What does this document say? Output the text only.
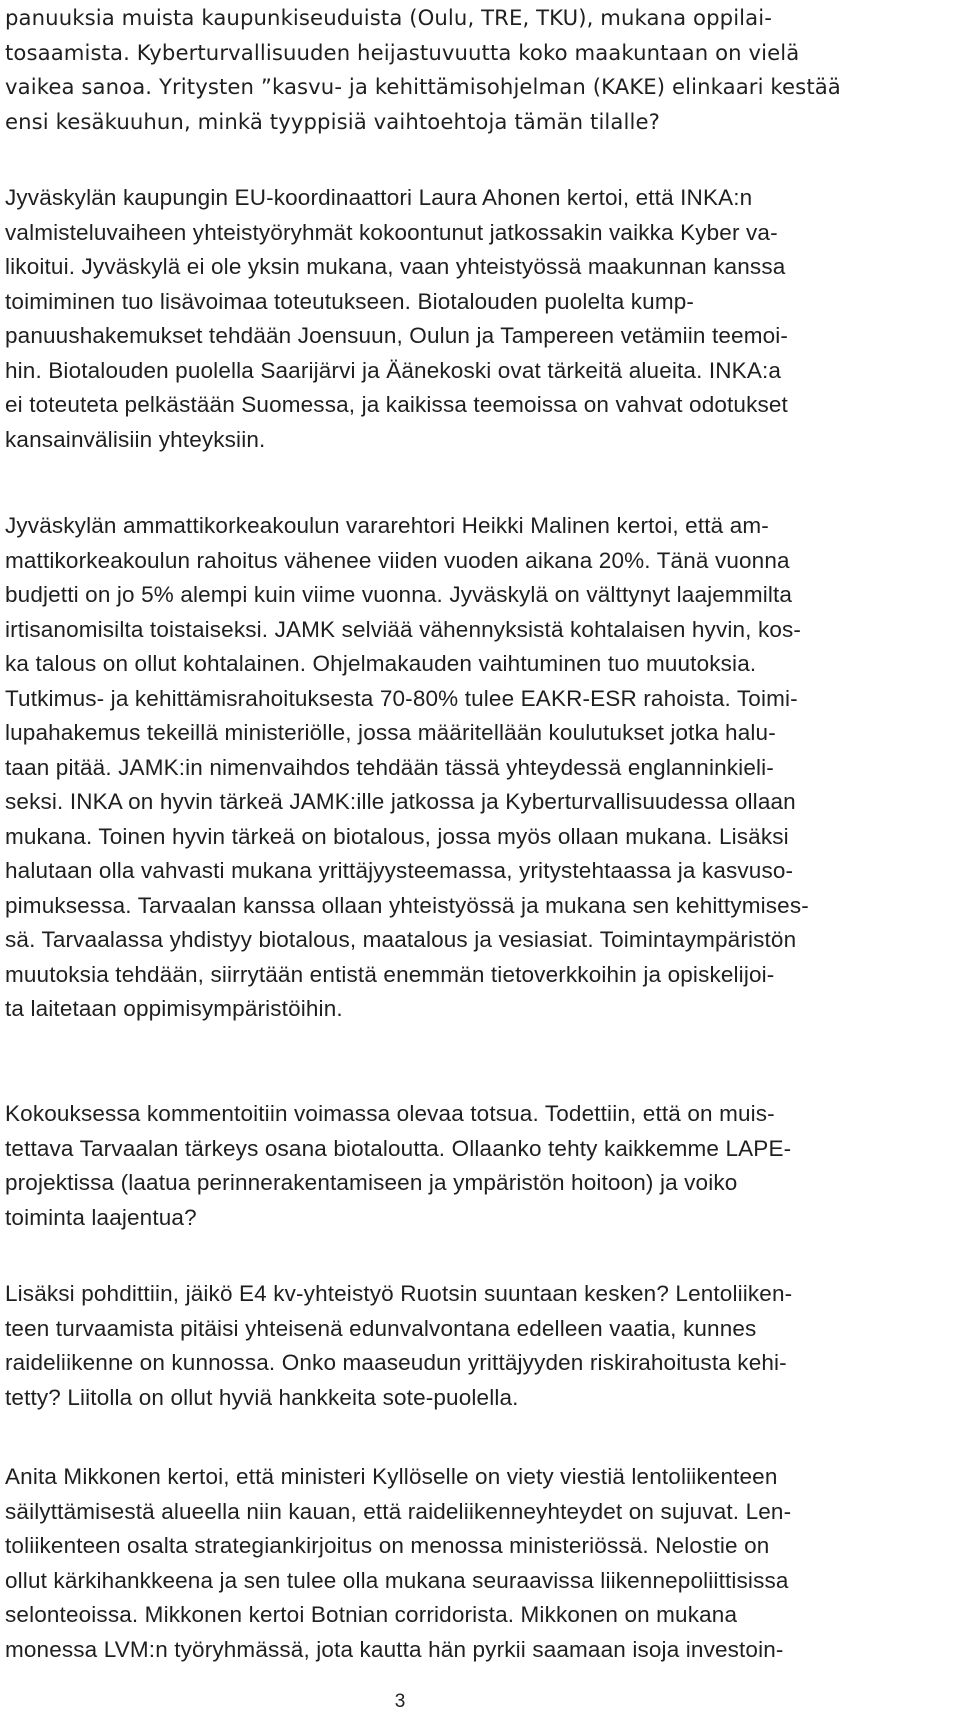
panuuksia muista kaupunkiseuduista (Oulu, TRE, TKU), mukana oppilai-
tosaamista. Kyberturvallisuuden heijastuvuutta koko maakuntaan on vielä
vaikea sanoa. Yritysten ”kasvu- ja kehittämisohjelman (KAKE) elinkaari kestää
ensi kesäkuuhun, minkä tyyppisiä vaihtoehtoja tämän tilalle?
Jyväskylän kaupungin EU-koordinaattori Laura Ahonen kertoi, että INKA:n
valmisteluvaiheen yhteistyöryhmät kokoontunut jatkossakin vaikka Kyber va-
likoitui. Jyväskylä ei ole yksin mukana, vaan yhteistyössä maakunnan kanssa
toimiminen tuo lisävoimaa toteutukseen. Biotalouden puolelta kump-
panuushakemukset tehdään Joensuun, Oulun ja Tampereen vetämiin teemoi-
hin. Biotalouden puolella Saarijärvi ja Äänekoski ovat tärkeitä alueita. INKA:a
ei toteuteta pelkästään Suomessa, ja kaikissa teemoissa on vahvat odotukset
kansainvälisiin yhteyksiin.
Jyväskylän ammattikorkeakoulun vararehtori Heikki Malinen kertoi, että am-
mattikorkeakoulun rahoitus vähenee viiden vuoden aikana 20%. Tänä vuonna
budjetti on jo 5% alempi kuin viime vuonna. Jyväskylä on välttynyt laajemmilta
irtisanomisilta toistaiseksi. JAMK selviää vähennyksistä kohtalaisen hyvin, kos-
ka talous on ollut kohtalainen. Ohjelmakauden vaihtuminen tuo muutoksia.
Tutkimus- ja kehittämisrahoituksesta 70-80% tulee EAKR-ESR rahoista. Toimi-
lupahakemus tekeillä ministeriölle, jossa määritellään koulutukset jotka halu-
taan pitää. JAMK:in nimenvaihdos tehdään tässä yhteydessä englanninkieli-
seksi. INKA on hyvin tärkeä JAMK:ille jatkossa ja Kyberturvallisuudessa ollaan
mukana. Toinen hyvin tärkeä on biotalous, jossa myös ollaan mukana. Lisäksi
halutaan olla vahvasti mukana yrittäjyysteemassa, yritystehtaassa ja kasvuso-
pimuksessa. Tarvaalan kanssa ollaan yhteistyössä ja mukana sen kehittymises-
sä. Tarvaalassa yhdistyy biotalous, maatalous ja vesiasiat. Toimintaympäristön
muutoksia tehdään, siirrytään entistä enemmän tietoverkkoihin ja opiskelijoi-
ta laitetaan oppimisympäristöihin.
Kokouksessa kommentoitiin voimassa olevaa totsua. Todettiin, että on muis-
tettava Tarvaalan tärkeys osana biotaloutta. Ollaanko tehty kaikkemme LAPE-
projektissa (laatua perinnerakentamiseen ja ympäristön hoitoon) ja voiko
toiminta laajentua?
Lisäksi pohdittiin, jäikö E4 kv-yhteistyö Ruotsin suuntaan kesken? Lentoliiken-
teen turvaamista pitäisi yhteisenä edunvalvontana edelleen vaatia, kunnes
raideliikenne on kunnossa. Onko maaseudun yrittäjyyden riskirahoitusta kehi-
tetty? Liitolla on ollut hyviä hankkeita sote-puolella.
Anita Mikkonen kertoi, että ministeri Kyllöselle on viety viestiä lentoliikenteen
säilyttämisestä alueella niin kauan, että raideliikenneyhteydet on sujuvat. Len-
toliikenteen osalta strategiankirjoitus on menossa ministeriössä. Nelostie on
ollut kärkihankkeena ja sen tulee olla mukana seuraavissa liikennepoliittisissa
selonteoissa. Mikkonen kertoi Botnian corridorista. Mikkonen on mukana
monessa LVM:n työryhmässä, jota kautta hän pyrkii saamaan isoja investoin-
3
